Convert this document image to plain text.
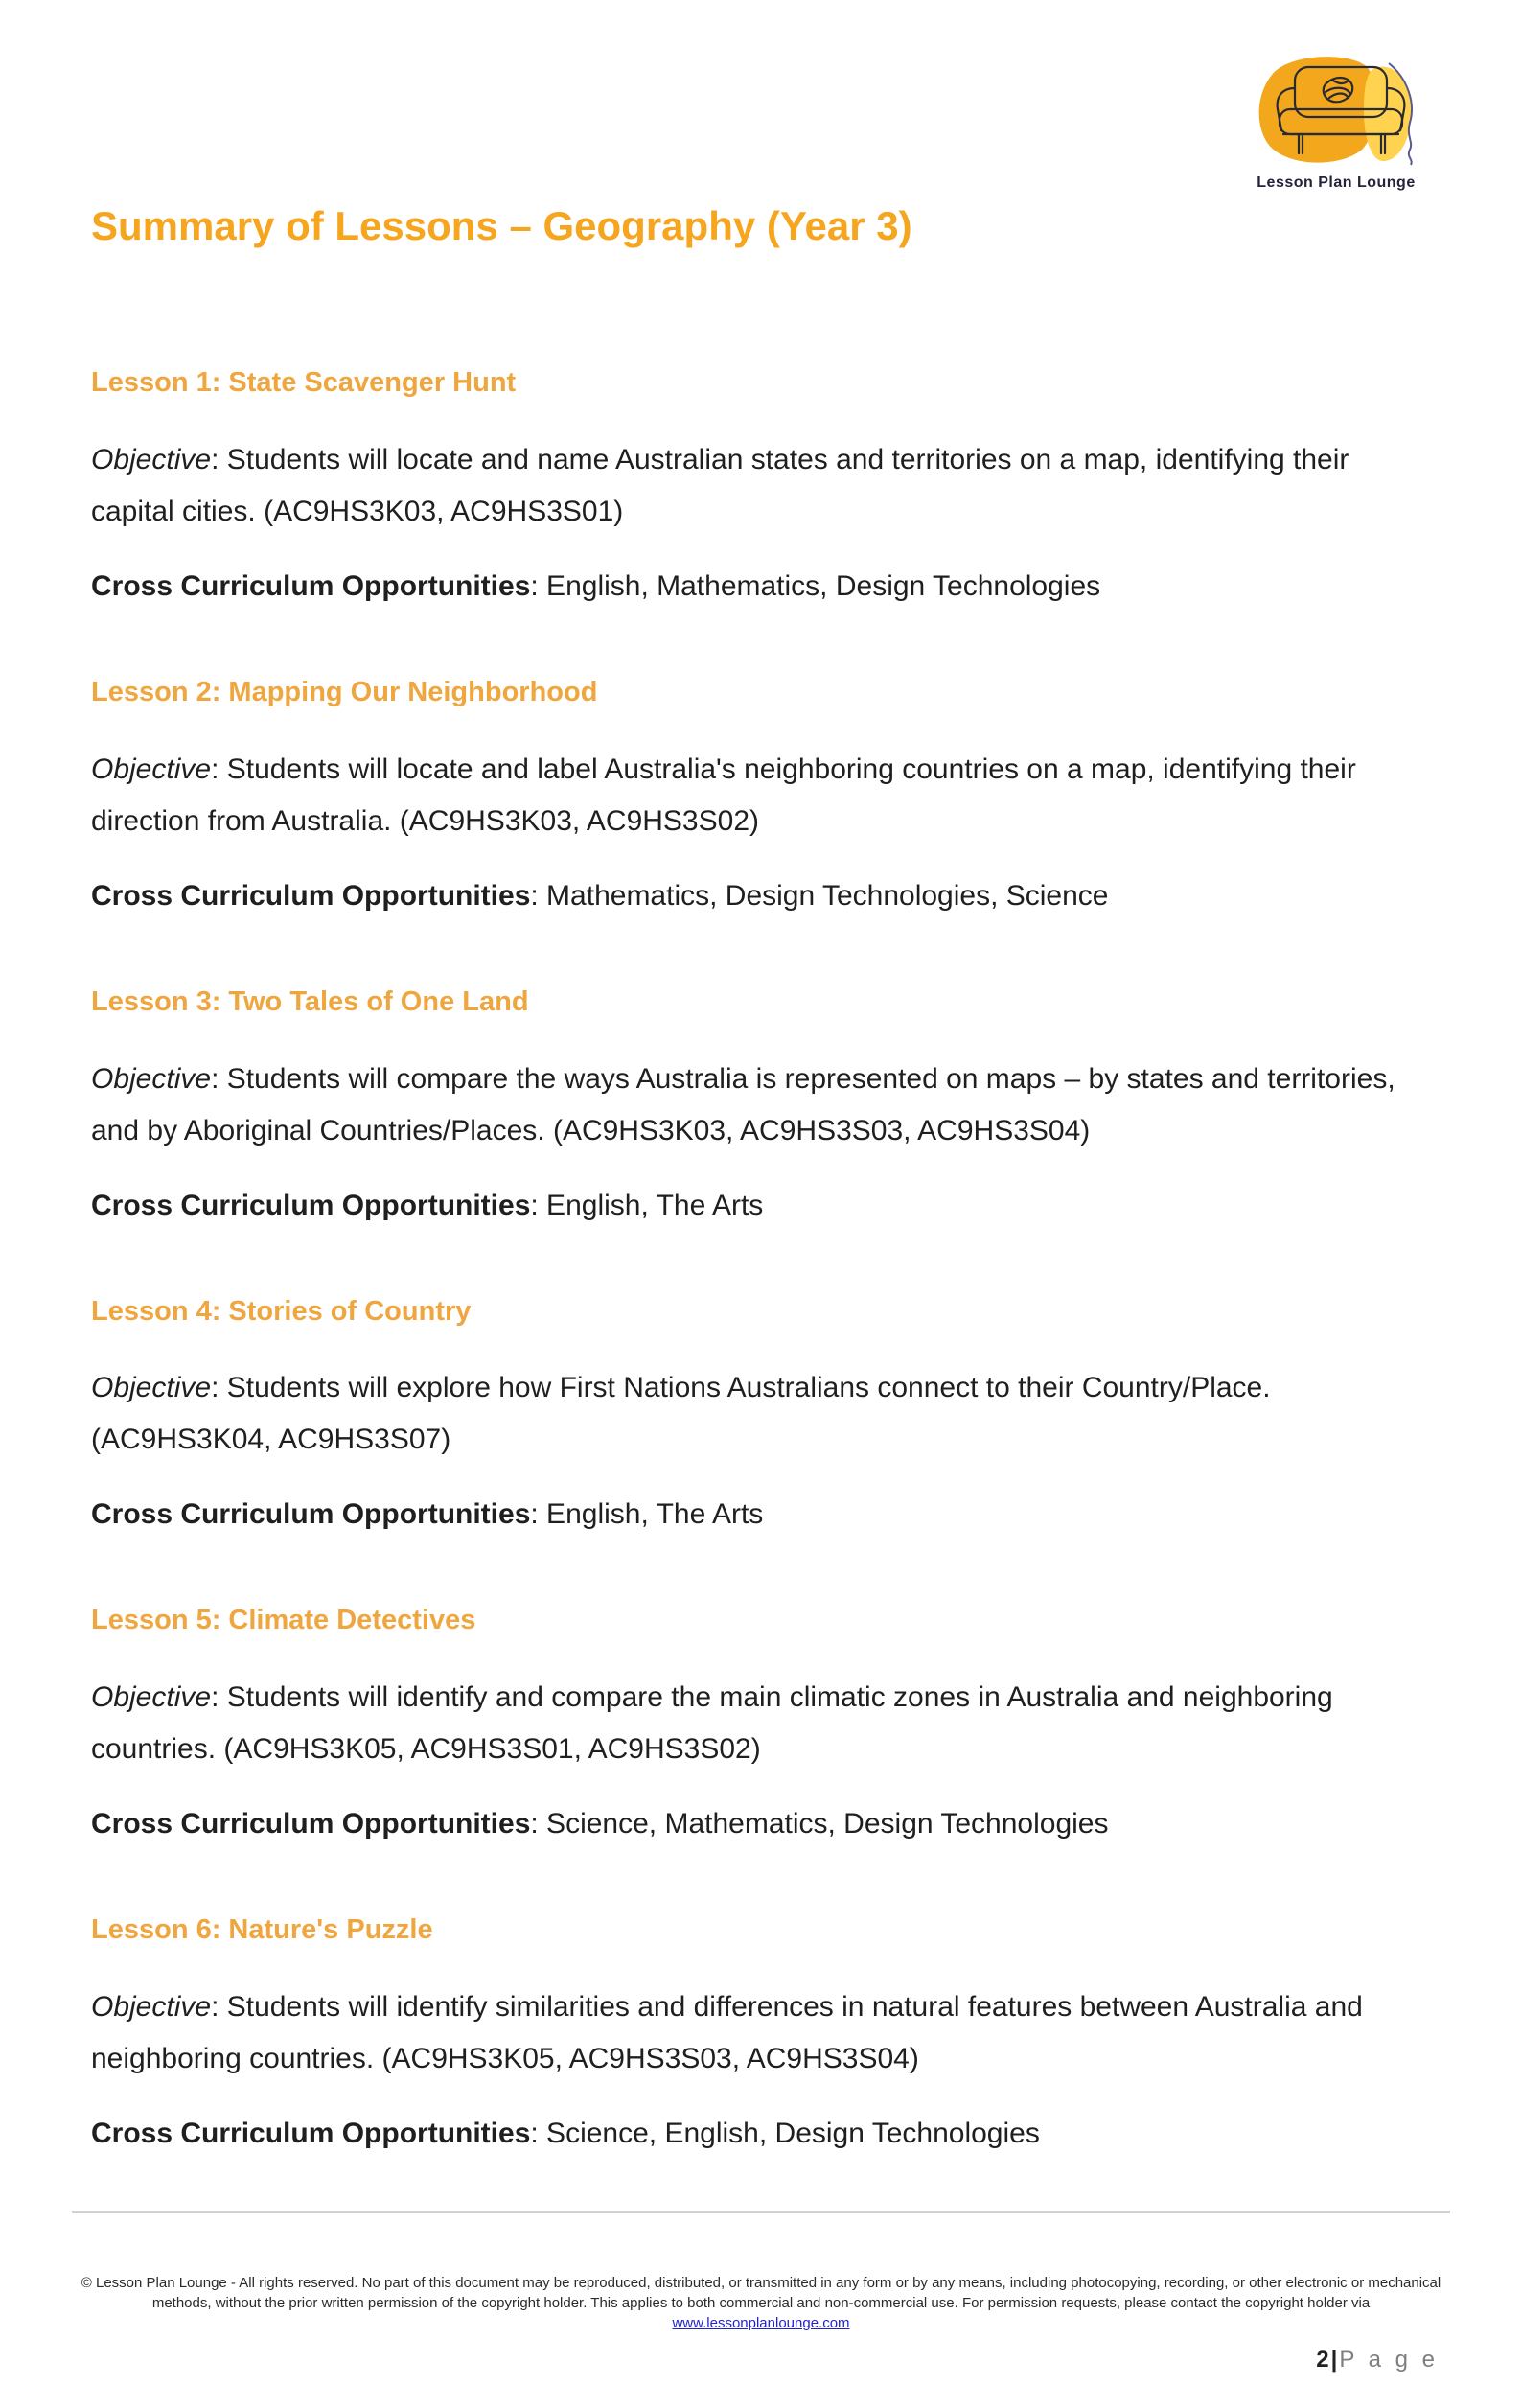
Lesson Plan Lounge
Summary of Lessons – Geography (Year 3)
Lesson 1: State Scavenger Hunt

Objective: Students will locate and name Australian states and territories on a map, identifying their capital cities. (AC9HS3K03, AC9HS3S01)

Cross Curriculum Opportunities: English, Mathematics, Design Technologies

Lesson 2: Mapping Our Neighborhood

Objective: Students will locate and label Australia's neighboring countries on a map, identifying their direction from Australia. (AC9HS3K03, AC9HS3S02)

Cross Curriculum Opportunities: Mathematics, Design Technologies, Science

Lesson 3: Two Tales of One Land

Objective: Students will compare the ways Australia is represented on maps – by states and territories, and by Aboriginal Countries/Places. (AC9HS3K03, AC9HS3S03, AC9HS3S04)

Cross Curriculum Opportunities: English, The Arts

Lesson 4: Stories of Country

Objective: Students will explore how First Nations Australians connect to their Country/Place. (AC9HS3K04, AC9HS3S07)

Cross Curriculum Opportunities: English, The Arts

Lesson 5: Climate Detectives

Objective: Students will identify and compare the main climatic zones in Australia and neighboring countries. (AC9HS3K05, AC9HS3S01, AC9HS3S02)

Cross Curriculum Opportunities: Science, Mathematics, Design Technologies

Lesson 6: Nature's Puzzle

Objective: Students will identify similarities and differences in natural features between Australia and neighboring countries. (AC9HS3K05, AC9HS3S03, AC9HS3S04)

Cross Curriculum Opportunities: Science, English, Design Technologies

© Lesson Plan Lounge - All rights reserved. No part of this document may be reproduced, distributed, or transmitted in any form or by any means, including photocopying, recording, or other electronic or mechanical methods, without the prior written permission of the copyright holder. This applies to both commercial and non-commercial use. For permission requests, please contact the copyright holder via www.lessonplanlounge.com

2|P a g e
